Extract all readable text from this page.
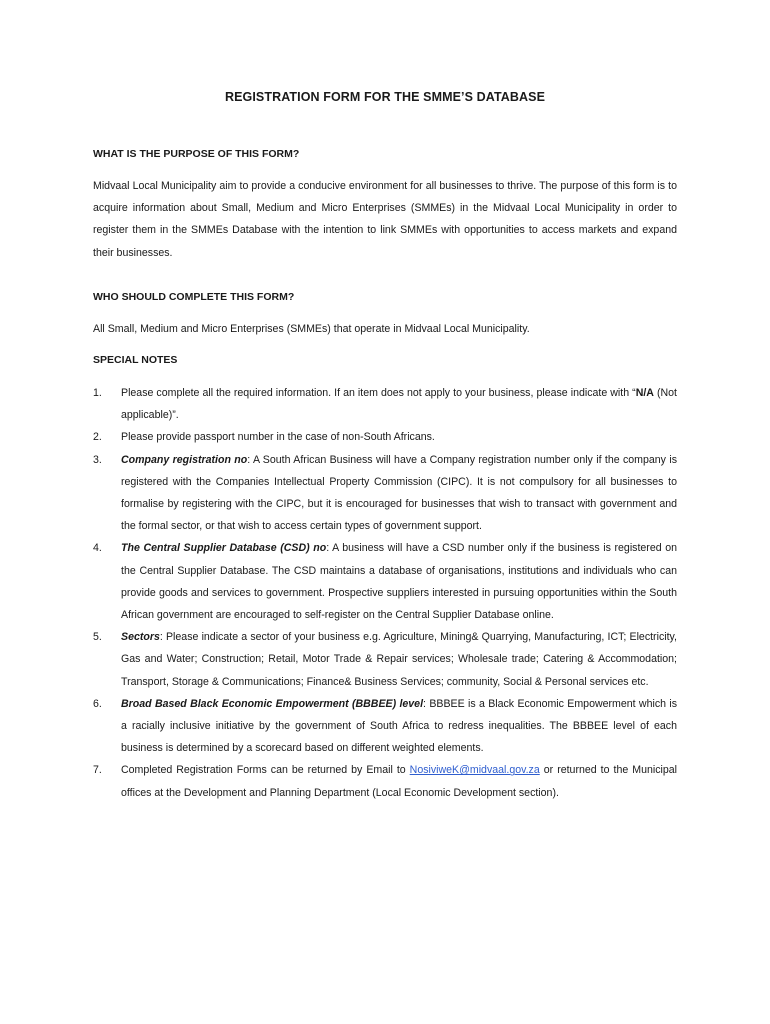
REGISTRATION FORM FOR THE SMME’S DATABASE
WHAT IS THE PURPOSE OF THIS FORM?
Midvaal Local Municipality aim to provide a conducive environment for all businesses to thrive. The purpose of this form is to acquire information about Small, Medium and Micro Enterprises (SMMEs) in the Midvaal Local Municipality in order to register them in the SMMEs Database with the intention to link SMMEs with opportunities to access markets and expand their businesses.
WHO SHOULD COMPLETE THIS FORM?
All Small, Medium and Micro Enterprises (SMMEs) that operate in Midvaal Local Municipality.
SPECIAL NOTES
1. Please complete all the required information. If an item does not apply to your business, please indicate with “N/A (Not applicable)”.
2. Please provide passport number in the case of non-South Africans.
3. Company registration no: A South African Business will have a Company registration number only if the company is registered with the Companies Intellectual Property Commission (CIPC). It is not compulsory for all businesses to formalise by registering with the CIPC, but it is encouraged for businesses that wish to transact with government and the formal sector, or that wish to access certain types of government support.
4. The Central Supplier Database (CSD) no: A business will have a CSD number only if the business is registered on the Central Supplier Database. The CSD maintains a database of organisations, institutions and individuals who can provide goods and services to government. Prospective suppliers interested in pursuing opportunities within the South African government are encouraged to self-register on the Central Supplier Database online.
5. Sectors: Please indicate a sector of your business e.g. Agriculture, Mining& Quarrying, Manufacturing, ICT; Electricity, Gas and Water; Construction; Retail, Motor Trade & Repair services; Wholesale trade; Catering & Accommodation; Transport, Storage & Communications; Finance& Business Services; community, Social & Personal services etc.
6. Broad Based Black Economic Empowerment (BBBEE) level: BBBEE is a Black Economic Empowerment which is a racially inclusive initiative by the government of South Africa to redress inequalities. The BBBEE level of each business is determined by a scorecard based on different weighted elements.
7. Completed Registration Forms can be returned by Email to NosiviweK@midvaal.gov.za or returned to the Municipal offices at the Development and Planning Department (Local Economic Development section).
